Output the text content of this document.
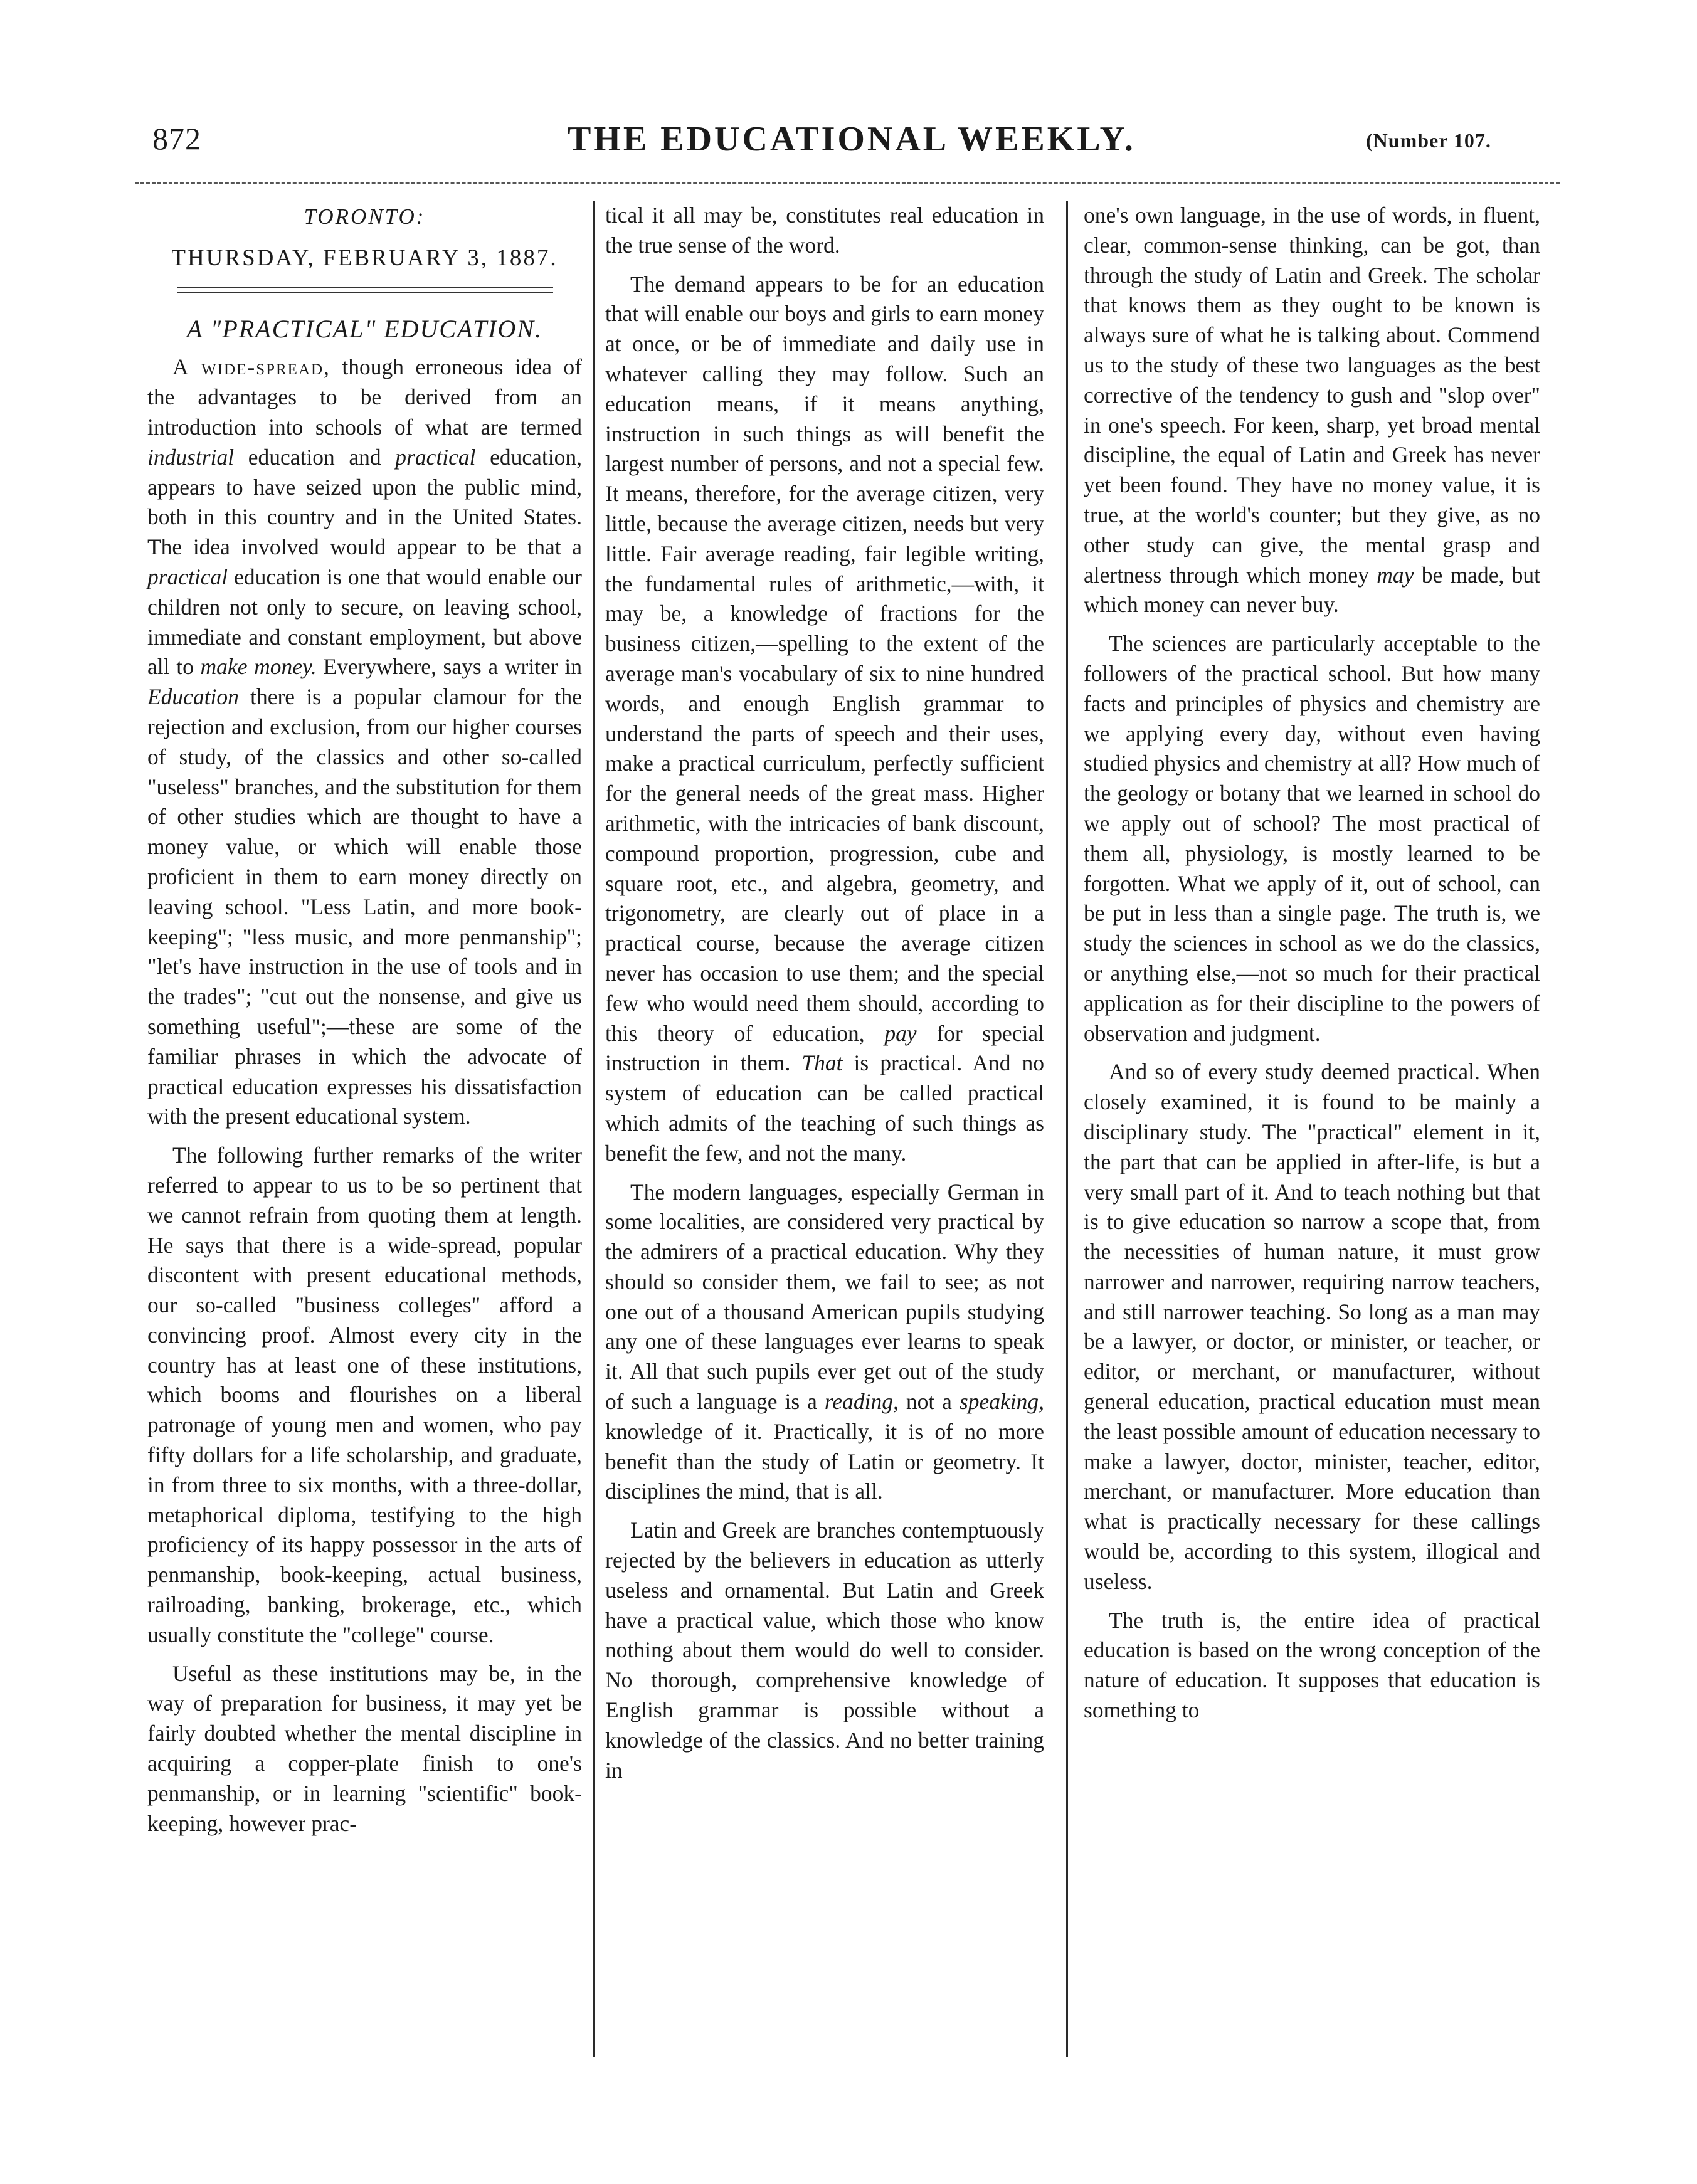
872	THE EDUCATIONAL WEEKLY.	(Number 107.
TORONTO:
THURSDAY, FEBRUARY 3, 1887.
A "PRACTICAL" EDUCATION.

A wide-spread, though erroneous idea of the advantages to be derived from an introduction into schools of what are termed industrial education and practical education, appears to have seized upon the public mind, both in this country and in the United States. The idea involved would appear to be that a practical education is one that would enable our children not only to secure, on leaving school, immediate and constant employment, but above all to make money. Everywhere, says a writer in Education there is a popular clamour for the rejection and exclusion, from our higher courses of study, of the classics and other so-called "useless" branches, and the substitution for them of other studies which are thought to have a money value, or which will enable those proficient in them to earn money directly on leaving school. "Less Latin, and more book-keeping"; "less music, and more penmanship"; "let's have instruction in the use of tools and in the trades"; "cut out the nonsense, and give us something useful";—these are some of the familiar phrases in which the advocate of practical education expresses his dissatisfaction with the present educational system.

The following further remarks of the writer referred to appear to us to be so pertinent that we cannot refrain from quoting them at length. He says that there is a wide-spread, popular discontent with present educational methods, our so-called "business colleges" afford a convincing proof. Almost every city in the country has at least one of these institutions, which booms and flourishes on a liberal patronage of young men and women, who pay fifty dollars for a life scholarship, and graduate, in from three to six months, with a three-dollar, metaphorical diploma, testifying to the high proficiency of its happy possessor in the arts of penmanship, book-keeping, actual business, railroading, banking, brokerage, etc., which usually constitute the "college" course.

Useful as these institutions may be, in the way of preparation for business, it may yet be fairly doubted whether the mental discipline in acquiring a copper-plate finish to one's penmanship, or in learning "scientific" book-keeping, however prac-

tical it all may be, constitutes real education in the true sense of the word.

The demand appears to be for an education that will enable our boys and girls to earn money at once, or be of immediate and daily use in whatever calling they may follow. Such an education means, if it means anything, instruction in such things as will benefit the largest number of persons, and not a special few. It means, therefore, for the average citizen, very little, because the average citizen, needs but very little. Fair average reading, fair legible writing, the fundamental rules of arithmetic,—with, it may be, a knowledge of fractions for the business citizen,—spelling to the extent of the average man's vocabulary of six to nine hundred words, and enough English grammar to understand the parts of speech and their uses, make a practical curriculum, perfectly sufficient for the general needs of the great mass. Higher arithmetic, with the intricacies of bank discount, compound proportion, progression, cube and square root, etc., and algebra, geometry, and trigonometry, are clearly out of place in a practical course, because the average citizen never has occasion to use them; and the special few who would need them should, according to this theory of education, pay for special instruction in them. That is practical. And no system of education can be called practical which admits of the teaching of such things as benefit the few, and not the many.

The modern languages, especially German in some localities, are considered very practical by the admirers of a practical education. Why they should so consider them, we fail to see; as not one out of a thousand American pupils studying any one of these languages ever learns to speak it. All that such pupils ever get out of the study of such a language is a reading, not a speaking, knowledge of it. Practically, it is of no more benefit than the study of Latin or geometry. It disciplines the mind, that is all.

Latin and Greek are branches contemptuously rejected by the believers in education as utterly useless and ornamental. But Latin and Greek have a practical value, which those who know nothing about them would do well to consider. No thorough, comprehensive knowledge of English grammar is possible without a knowledge of the classics. And no better training in

one's own language, in the use of words, in fluent, clear, common-sense thinking, can be got, than through the study of Latin and Greek. The scholar that knows them as they ought to be known is always sure of what he is talking about. Commend us to the study of these two languages as the best corrective of the tendency to gush and "slop over" in one's speech. For keen, sharp, yet broad mental discipline, the equal of Latin and Greek has never yet been found. They have no money value, it is true, at the world's counter; but they give, as no other study can give, the mental grasp and alertness through which money may be made, but which money can never buy.

The sciences are particularly acceptable to the followers of the practical school. But how many facts and principles of physics and chemistry are we applying every day, without even having studied physics and chemistry at all? How much of the geology or botany that we learned in school do we apply out of school? The most practical of them all, physiology, is mostly learned to be forgotten. What we apply of it, out of school, can be put in less than a single page. The truth is, we study the sciences in school as we do the classics, or anything else,—not so much for their practical application as for their discipline to the powers of observation and judgment.

And so of every study deemed practical. When closely examined, it is found to be mainly a disciplinary study. The "practical" element in it, the part that can be applied in after-life, is but a very small part of it. And to teach nothing but that is to give education so narrow a scope that, from the necessities of human nature, it must grow narrower and narrower, requiring narrow teachers, and still narrower teaching. So long as a man may be a lawyer, or doctor, or minister, or teacher, or editor, or merchant, or manufacturer, without general education, practical education must mean the least possible amount of education necessary to make a lawyer, doctor, minister, teacher, editor, merchant, or manufacturer. More education than what is practically necessary for these callings would be, according to this system, illogical and useless.

The truth is, the entire idea of practical education is based on the wrong conception of the nature of education. It supposes that education is something to
